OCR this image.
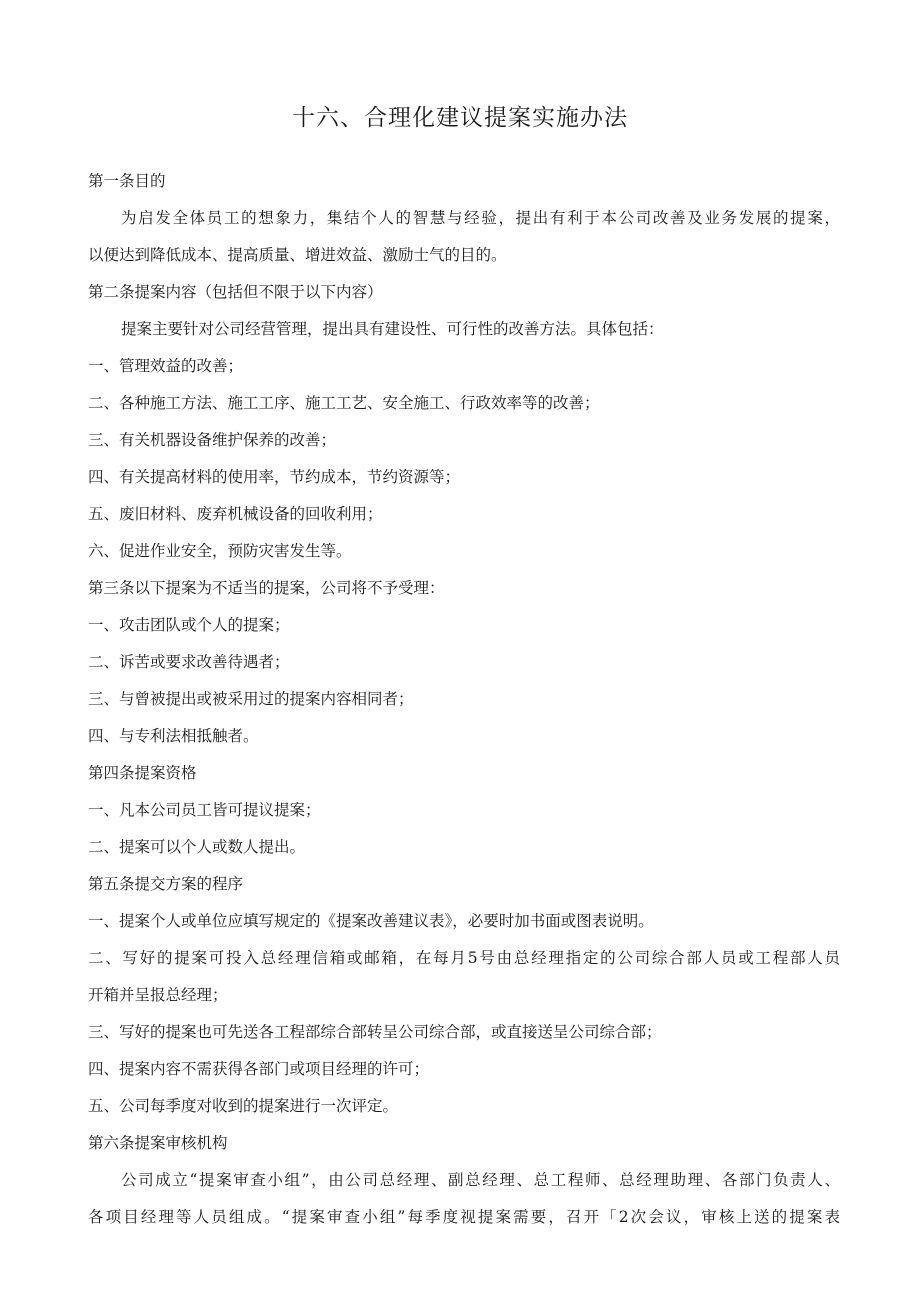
十六、合理化建议提案实施办法
第一条目的
为启发全体员工的想象力，集结个人的智慧与经验，提出有利于本公司改善及业务发展的提案，
以便达到降低成本、提高质量、增进效益、激励士气的目的。
第二条提案内容（包括但不限于以下内容）
提案主要针对公司经营管理，提出具有建设性、可行性的改善方法。具体包括：
一、管理效益的改善；
二、各种施工方法、施工工序、施工工艺、安全施工、行政效率等的改善；
三、有关机器设备维护保养的改善；
四、有关提高材料的使用率，节约成本，节约资源等；
五、废旧材料、废弃机械设备的回收利用；
六、促进作业安全，预防灾害发生等。
第三条以下提案为不适当的提案，公司将不予受理：
一、攻击团队或个人的提案；
二、诉苦或要求改善待遇者；
三、与曾被提出或被采用过的提案内容相同者；
四、与专利法相抵触者。
第四条提案资格
一、凡本公司员工皆可提议提案；
二、提案可以个人或数人提出。
第五条提交方案的程序
一、提案个人或单位应填写规定的《提案改善建议表》，必要时加书面或图表说明。
二、写好的提案可投入总经理信箱或邮箱，在每月5号由总经理指定的公司综合部人员或工程部人员
开箱并呈报总经理；
三、写好的提案也可先送各工程部综合部转呈公司综合部，或直接送呈公司综合部；
四、提案内容不需获得各部门或项目经理的许可；
五、公司每季度对收到的提案进行一次评定。
第六条提案审核机构
公司成立“提案审查小组”，由公司总经理、副总经理、总工程师、总经理助理、各部门负责人、
各项目经理等人员组成。“提案审查小组”每季度视提案需要，召开「2次会议，审核上送的提案表
